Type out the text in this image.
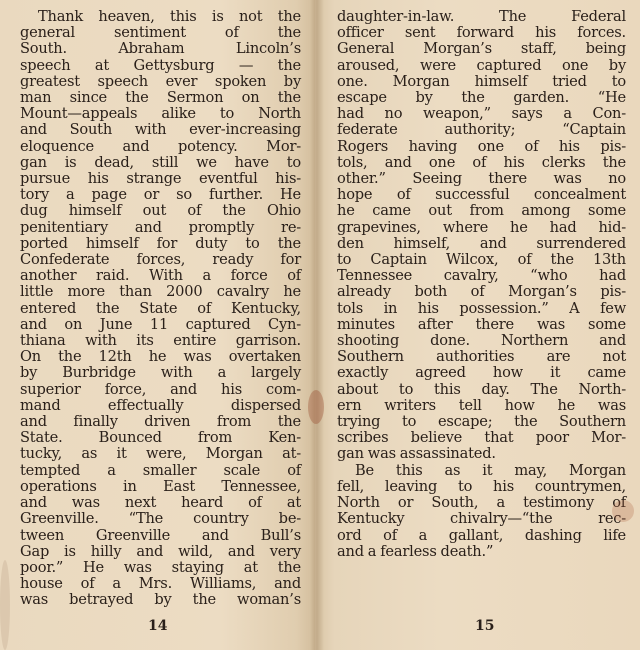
Thank heaven, this is not the
general sentiment of the
South. Abraham Lincoln’s
speech at Gettysburg — the
greatest speech ever spoken by
man since the Sermon on the
Mount—appeals alike to North
and South with ever-increasing
eloquence and potency. Mor-
gan is dead, still we have to
pursue his strange eventful his-
tory a page or so further. He
dug himself out of the Ohio
penitentiary and promptly re-
ported himself for duty to the
Confederate forces, ready for
another raid. With a force of
little more than 2000 cavalry he
entered the State of Kentucky,
and on June 11 captured Cyn-
thiana with its entire garrison.
On the 12th he was overtaken
by Burbridge with a largely
superior force, and his com-
mand effectually dispersed
and finally driven from the
State. Bounced from Ken-
tucky, as it were, Morgan at-
tempted a smaller scale of
operations in East Tennessee,
and was next heard of at
Greenville. “The country be-
tween Greenville and Bull’s
Gap is hilly and wild, and very
poor.” He was staying at the
house of a Mrs. Williams, and
was betrayed by the woman’s
14
daughter-in-law. The Federal
officer sent forward his forces.
General Morgan’s staff, being
aroused, were captured one by
one. Morgan himself tried to
escape by the garden. “He
had no weapon,” says a Con-
federate authority; “Captain
Rogers having one of his pis-
tols, and one of his clerks the
other.” Seeing there was no
hope of successful concealment
he came out from among some
grapevines, where he had hid-
den himself, and surrendered
to Captain Wilcox, of the 13th
Tennessee cavalry, “who had
already both of Morgan’s pis-
tols in his possession.” A few
minutes after there was some
shooting done. Northern and
Southern authorities are not
exactly agreed how it came
about to this day. The North-
ern writers tell how he was
trying to escape; the Southern
scribes believe that poor Mor-
gan was assassinated.
Be this as it may, Morgan
fell, leaving to his countrymen,
North or South, a testimony of
Kentucky chivalry—“the rec-
ord of a gallant, dashing life
and a fearless death.”
15
